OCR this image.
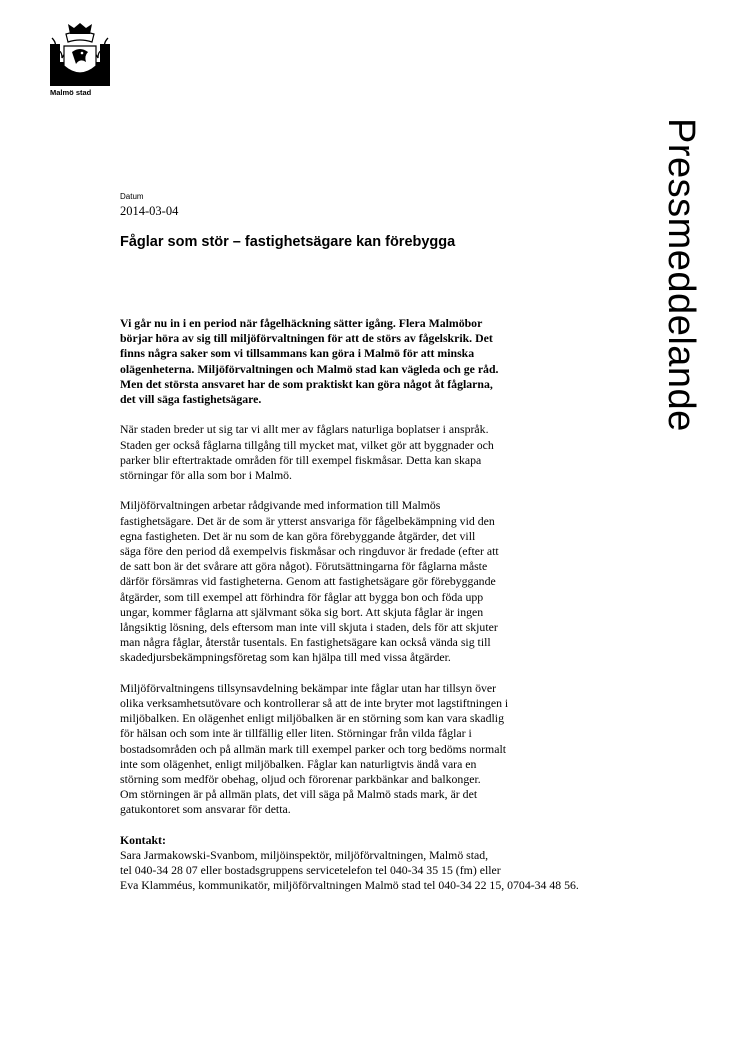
Malmö stad
Pressmeddelande
Datum
2014-03-04
Fåglar som stör – fastighetsägare kan förebygga

Vi går nu in i en period när fågelhäckning sätter igång. Flera Malmöbor
börjar höra av sig till miljöförvaltningen för att de störs av fågelskrik. Det
finns några saker som vi tillsammans kan göra i Malmö för att minska
olägenheterna. Miljöförvaltningen och Malmö stad kan vägleda och ge råd.
Men det största ansvaret har de som praktiskt kan göra något åt fåglarna,
det vill säga fastighetsägare.

När staden breder ut sig tar vi allt mer av fåglars naturliga boplatser i anspråk.
Staden ger också fåglarna tillgång till mycket mat, vilket gör att byggnader och
parker blir eftertraktade områden för till exempel fiskmåsar. Detta kan skapa
störningar för alla som bor i Malmö.

Miljöförvaltningen arbetar rådgivande med information till Malmös
fastighetsägare. Det är de som är ytterst ansvariga för fågelbekämpning vid den
egna fastigheten. Det är nu som de kan göra förebyggande åtgärder, det vill
säga före den period då exempelvis fiskmåsar och ringduvor är fredade (efter att
de satt bon är det svårare att göra något). Förutsättningarna för fåglarna måste
därför försämras vid fastigheterna. Genom att fastighetsägare gör förebyggande
åtgärder, som till exempel att förhindra för fåglar att bygga bon och föda upp
ungar, kommer fåglarna att självmant söka sig bort. Att skjuta fåglar är ingen
långsiktig lösning, dels eftersom man inte vill skjuta i staden, dels för att skjuter
man några fåglar, återstår tusentals. En fastighetsägare kan också vända sig till
skadedjursbekämpningsföretag som kan hjälpa till med vissa åtgärder.

Miljöförvaltningens tillsynsavdelning bekämpar inte fåglar utan har tillsyn över
olika verksamhetsutövare och kontrollerar så att de inte bryter mot lagstiftningen i
miljöbalken. En olägenhet enligt miljöbalken är en störning som kan vara skadlig
för hälsan och som inte är tillfällig eller liten. Störningar från vilda fåglar i
bostadsområden och på allmän mark till exempel parker och torg bedöms normalt
inte som olägenhet, enligt miljöbalken. Fåglar kan naturligtvis ändå vara en
störning som medför obehag, oljud och förorenar parkbänkar and balkonger.
Om störningen är på allmän plats, det vill säga på Malmö stads mark, är det
gatukontoret som ansvarar för detta.

Kontakt:
Sara Jarmakowski-Svanbom, miljöinspektör, miljöförvaltningen, Malmö stad,
tel 040-34 28 07 eller bostadsgruppens servicetelefon tel 040-34 35 15 (fm) eller
Eva Klamméus, kommunikatör, miljöförvaltningen Malmö stad tel 040-34 22 15, 0704-34 48 56.
